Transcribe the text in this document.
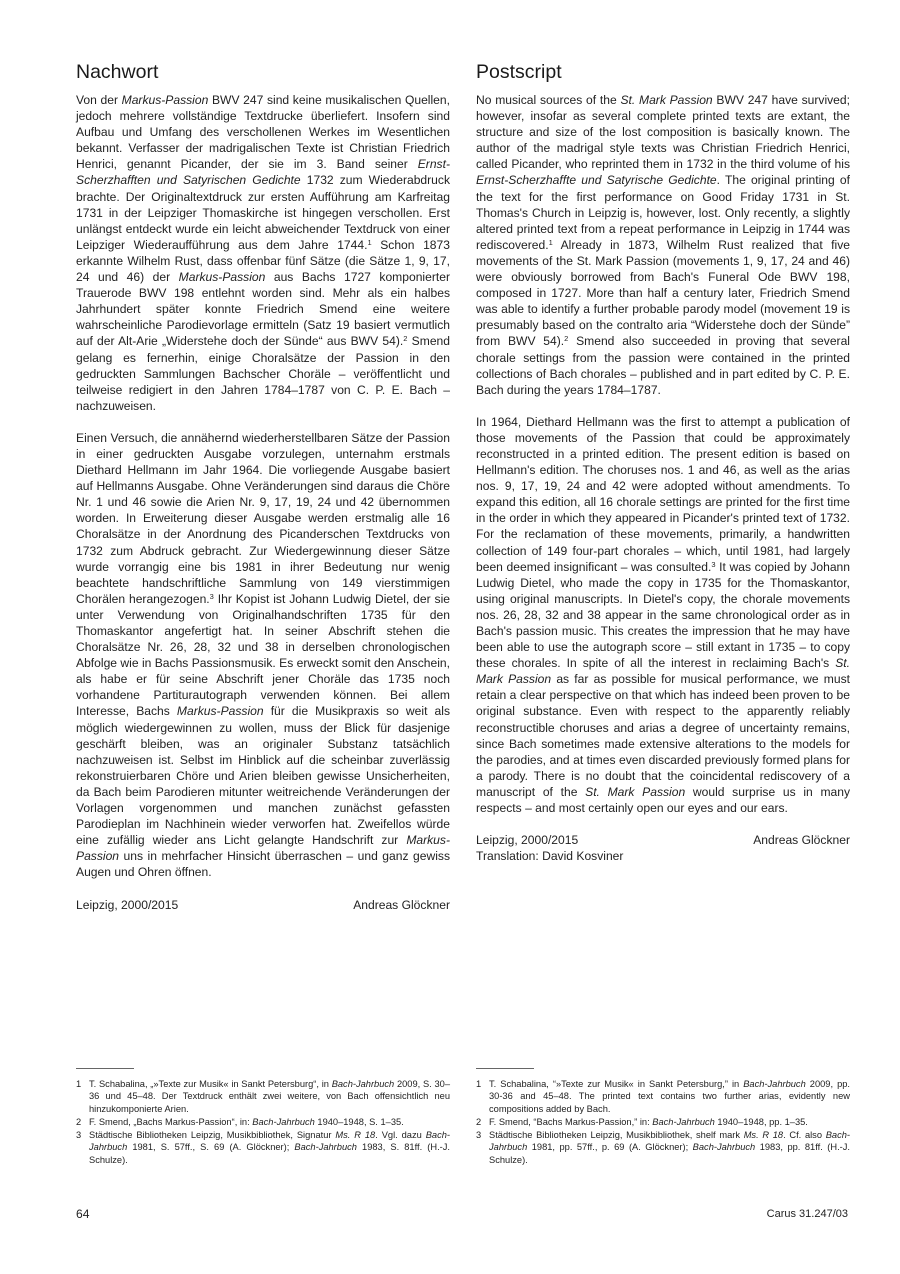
Nachwort

Von der Markus-Passion BWV 247 sind keine musikalischen Quellen, jedoch mehrere vollständige Textdrucke überliefert. Insofern sind Aufbau und Umfang des verschollenen Werkes im Wesentlichen bekannt. Verfasser der madrigalischen Texte ist Christian Friedrich Henrici, genannt Picander, der sie im 3. Band seiner Ernst-Scherzhafften und Satyrischen Gedichte 1732 zum Wiederabdruck brachte. Der Originaltextdruck zur ersten Aufführung am Karfreitag 1731 in der Leipziger Thomaskirche ist hingegen verschollen. Erst unlängst entdeckt wurde ein leicht abweichender Textdruck von einer Leipziger Wiederaufführung aus dem Jahre 1744.$^1$ Schon 1873 erkannte Wilhelm Rust, dass offenbar fünf Sätze (die Sätze 1, 9, 17, 24 und 46) der Markus-Passion aus Bachs 1727 komponierter Trauerode BWV 198 entlehnt worden sind. Mehr als ein halbes Jahrhundert später konnte Friedrich Smend eine weitere wahrscheinliche Parodievorlage ermitteln (Satz 19 basiert vermutlich auf der Alt-Arie „Widerstehe doch der Sünde“ aus BWV 54).$^2$ Smend gelang es fernerhin, einige Choralsätze der Passion in den gedruckten Sammlungen Bachscher Choräle – veröffentlicht und teilweise redigiert in den Jahren 1784–1787 von C. P. E. Bach – nachzuweisen.

Einen Versuch, die annähernd wiederherstellbaren Sätze der Passion in einer gedruckten Ausgabe vorzulegen, unternahm erstmals Diethard Hellmann im Jahr 1964. Die vorliegende Ausgabe basiert auf Hellmanns Ausgabe. Ohne Veränderungen sind daraus die Chöre Nr. 1 und 46 sowie die Arien Nr. 9, 17, 19, 24 und 42 übernommen worden. In Erweiterung dieser Ausgabe werden erstmalig alle 16 Choralsätze in der Anordnung des Picanderschen Textdrucks von 1732 zum Abdruck gebracht. Zur Wiedergewinnung dieser Sätze wurde vorrangig eine bis 1981 in ihrer Bedeutung nur wenig beachtete handschriftliche Sammlung von 149 vierstimmigen Chorälen herangezogen.$^3$ Ihr Kopist ist Johann Ludwig Dietel, der sie unter Verwendung von Originalhandschriften 1735 für den Thomaskantor angefertigt hat. In seiner Abschrift stehen die Choralsätze Nr. 26, 28, 32 und 38 in derselben chronologischen Abfolge wie in Bachs Passionsmusik. Es erweckt somit den Anschein, als habe er für seine Abschrift jener Choräle das 1735 noch vorhandene Partiturautograph verwenden können. Bei allem Interesse, Bachs Markus-Passion für die Musikpraxis so weit als möglich wiedergewinnen zu wollen, muss der Blick für dasjenige geschärft bleiben, was an originaler Substanz tatsächlich nachzuweisen ist. Selbst im Hinblick auf die scheinbar zuverlässig rekonstruierbaren Chöre und Arien bleiben gewisse Unsicherheiten, da Bach beim Parodieren mitunter weitreichende Veränderungen der Vorlagen vorgenommen und manchen zunächst gefassten Parodieplan im Nachhinein wieder verworfen hat. Zweifellos würde eine zufällig wieder ans Licht gelangte Handschrift zur Markus-Passion uns in mehrfacher Hinsicht überraschen – und ganz gewiss Augen und Ohren öffnen.

Leipzig, 2000/2015	Andreas Glöckner
Postscript

No musical sources of the St. Mark Passion BWV 247 have survived; however, insofar as several complete printed texts are extant, the structure and size of the lost composition is basically known. The author of the madrigal style texts was Christian Friedrich Henrici, called Picander, who reprinted them in 1732 in the third volume of his Ernst-Scherzhaffte und Satyrische Gedichte. The original printing of the text for the first performance on Good Friday 1731 in St. Thomas's Church in Leipzig is, however, lost. Only recently, a slightly altered printed text from a repeat performance in Leipzig in 1744 was rediscovered.$^1$ Already in 1873, Wilhelm Rust realized that five movements of the St. Mark Passion (movements 1, 9, 17, 24 and 46) were obviously borrowed from Bach's Funeral Ode BWV 198, composed in 1727. More than half a century later, Friedrich Smend was able to identify a further probable parody model (movement 19 is presumably based on the contralto aria “Widerstehe doch der Sünde” from BWV 54).$^2$ Smend also succeeded in proving that several chorale settings from the passion were contained in the printed collections of Bach chorales – published and in part edited by C. P. E. Bach during the years 1784–1787.

In 1964, Diethard Hellmann was the first to attempt a publication of those movements of the Passion that could be approximately reconstructed in a printed edition. The present edition is based on Hellmann's edition. The choruses nos. 1 and 46, as well as the arias nos. 9, 17, 19, 24 and 42 were adopted without amendments. To expand this edition, all 16 chorale settings are printed for the first time in the order in which they appeared in Picander's printed text of 1732. For the reclamation of these movements, primarily, a handwritten collection of 149 four-part chorales – which, until 1981, had largely been deemed insignificant – was consulted.$^3$ It was copied by Johann Ludwig Dietel, who made the copy in 1735 for the Thomaskantor, using original manuscripts. In Dietel's copy, the chorale movements nos. 26, 28, 32 and 38 appear in the same chronological order as in Bach's passion music. This creates the impression that he may have been able to use the autograph score – still extant in 1735 – to copy these chorales. In spite of all the interest in reclaiming Bach's St. Mark Passion as far as possible for musical performance, we must retain a clear perspective on that which has indeed been proven to be original substance. Even with respect to the apparently reliably reconstructible choruses and arias a degree of uncertainty remains, since Bach sometimes made extensive alterations to the models for the parodies, and at times even discarded previously formed plans for a parody. There is no doubt that the coincidental rediscovery of a manuscript of the St. Mark Passion would surprise us in many respects – and most certainly open our eyes and our ears.

Leipzig, 2000/2015	Andreas Glöckner
Translation: David Kosviner
1 T. Schabalina, „»Texte zur Musik« in Sankt Petersburg“, in Bach-Jahrbuch 2009, S. 30–36 und 45–48. Der Textdruck enthält zwei weitere, von Bach offensichtlich neu hinzukomponierte Arien.
2 F. Smend, „Bachs Markus-Passion“, in: Bach-Jahrbuch 1940–1948, S. 1–35.
3 Städtische Bibliotheken Leipzig, Musikbibliothek, Signatur Ms. R 18. Vgl. dazu Bach-Jahrbuch 1981, S. 57ff., S. 69 (A. Glöckner); Bach-Jahrbuch 1983, S. 81ff. (H.-J. Schulze).
1 T. Schabalina, “»Texte zur Musik« in Sankt Petersburg,” in Bach-Jahrbuch 2009, pp. 30-36 and 45–48. The printed text contains two further arias, evidently new compositions added by Bach.
2 F. Smend, “Bachs Markus-Passion,” in: Bach-Jahrbuch 1940–1948, pp. 1–35.
3 Städtische Bibliotheken Leipzig, Musikbibliothek, shelf mark Ms. R 18. Cf. also Bach-Jahrbuch 1981, pp. 57ff., p. 69 (A. Glöckner); Bach-Jahrbuch 1983, pp. 81ff. (H.-J. Schulze).
64	Carus 31.247/03
